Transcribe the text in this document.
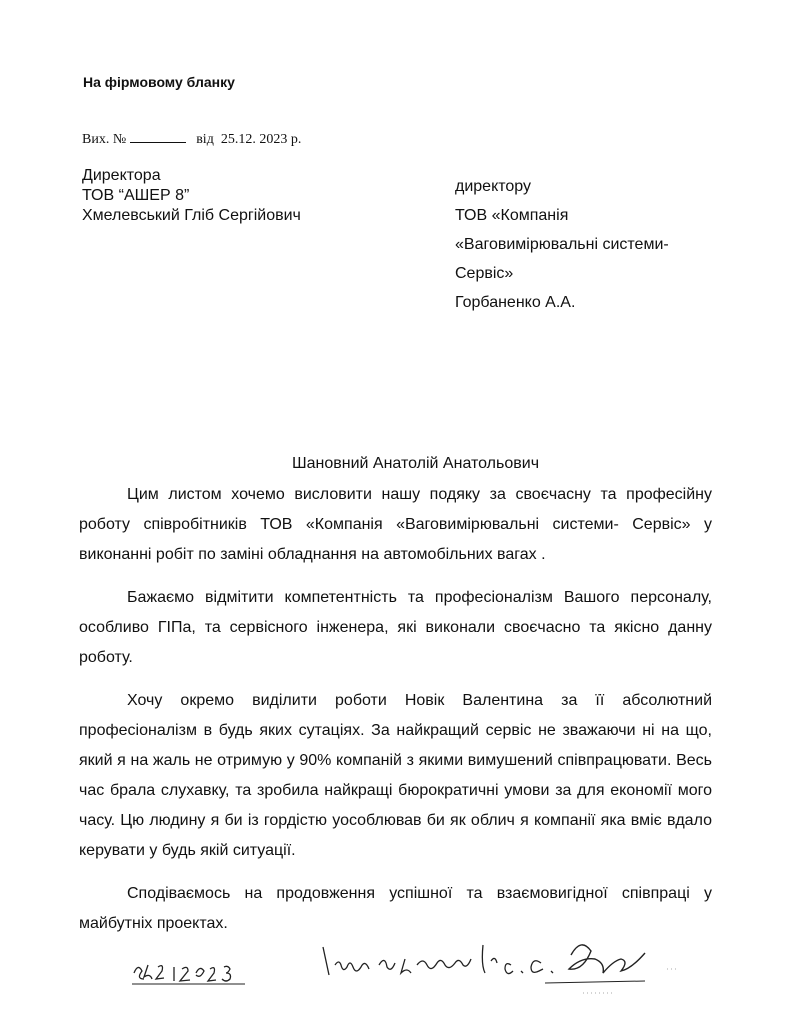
На фірмовому бланку
Вих. №	від 25.12. 2023 р.
Директора
ТОВ “АШЕР 8”
Хмелевський Гліб Сергійович
директору
ТОВ «Компанія
«Ваговимірювальні системи-
Сервіс»
Горбаненко А.А.
Шановний Анатолій Анатольович

Цим листом хочемо висловити нашу подяку за своєчасну та професійну роботу співробітників ТОВ «Компанія «Ваговимірювальні системи- Сервіс» у виконанні робіт по заміні обладнання на автомобільних вагах .

Бажаємо відмітити компетентність та професіоналізм Вашого персоналу, особливо ГІПа, та сервісного інженера, які виконали своєчасно та якісно данну роботу.

Хочу окремо виділити роботи Новік Валентина за її абсолютний професіоналізм в будь яких сутаціях. За найкращий сервіс не зважаючи ні на що, який я на жаль не отримую у 90% компаній з якими вимушений співпрацювати. Весь час брала слухавку, та зробила найкращі бюрократичні умови за для економії мого часу. Цю людину я би із гордістю уособлював би як облич я компанії яка вміє вдало керувати у будь якій ситуації.

Сподіваємось на продовження успішної та взаємовигідної співпраці у майбутніх проектах.
